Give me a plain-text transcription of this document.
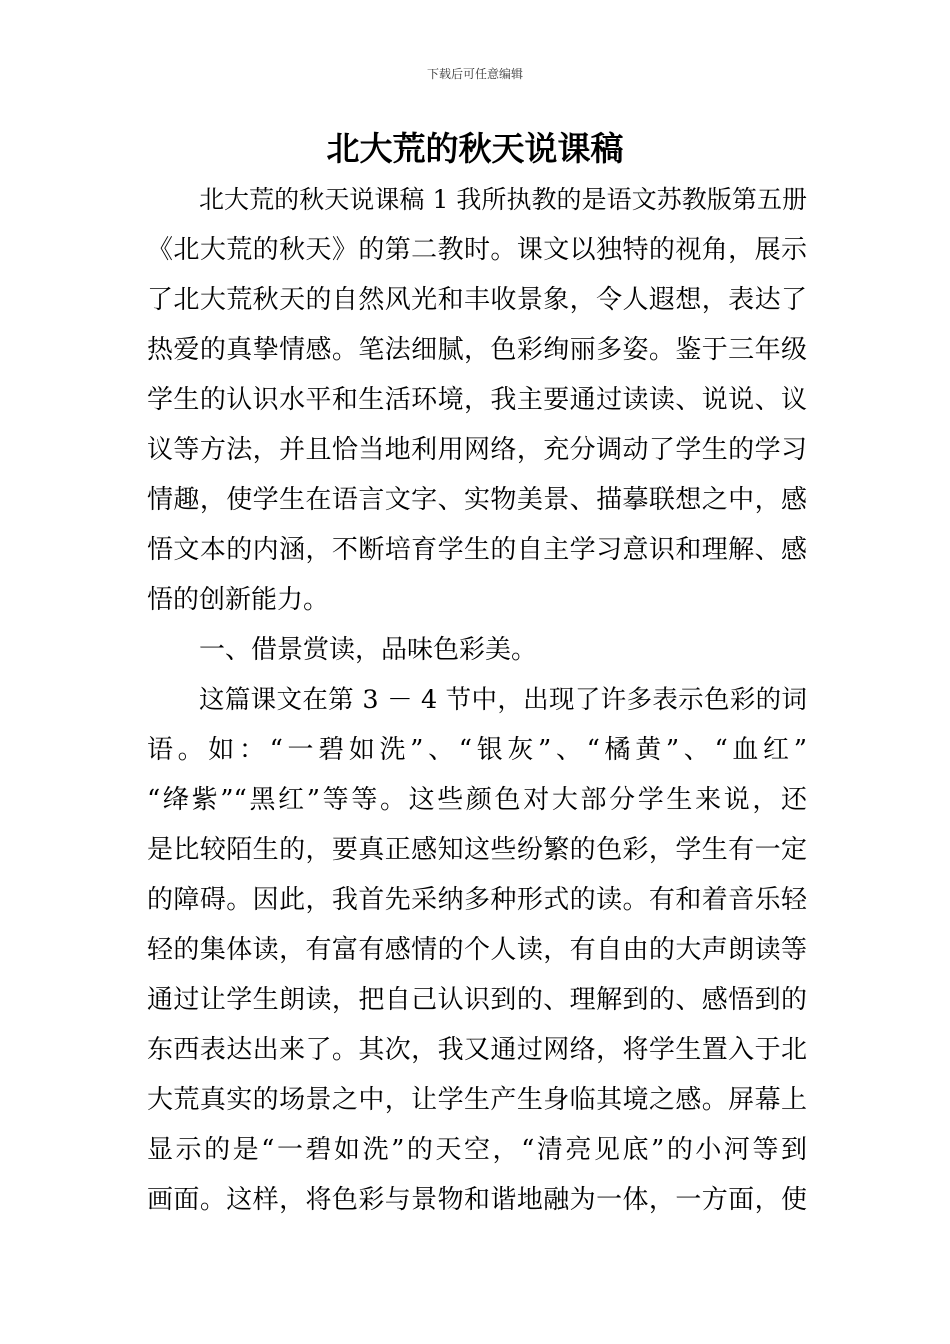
下载后可任意编辑
北大荒的秋天说课稿
北大荒的秋天说课稿 1 我所执教的是语文苏教版第五册
《北大荒的秋天》的第二教时。课文以独特的视角，展示
了北大荒秋天的自然风光和丰收景象，令人遐想，表达了
热爱的真挚情感。笔法细腻，色彩绚丽多姿。鉴于三年级
学生的认识水平和生活环境，我主要通过读读、说说、议
议等方法，并且恰当地利用网络，充分调动了学生的学习
情趣，使学生在语言文字、实物美景、描摹联想之中，感
悟文本的内涵，不断培育学生的自主学习意识和理解、感
悟的创新能力。
一、借景赏读，品味色彩美。
这篇课文在第 3 － 4 节中，出现了许多表示色彩的词
语。如：“一碧如洗”、“银灰”、“橘黄”、“血红”
“绛紫”“黑红”等等。这些颜色对大部分学生来说，还
是比较陌生的，要真正感知这些纷繁的色彩，学生有一定
的障碍。因此，我首先采纳多种形式的读。有和着音乐轻
轻的集体读，有富有感情的个人读，有自由的大声朗读等
通过让学生朗读，把自己认识到的、理解到的、感悟到的
东西表达出来了。其次，我又通过网络，将学生置入于北
大荒真实的场景之中，让学生产生身临其境之感。屏幕上
显示的是“一碧如洗”的天空，“清亮见底”的小河等到
画面。这样，将色彩与景物和谐地融为一体，一方面，使
